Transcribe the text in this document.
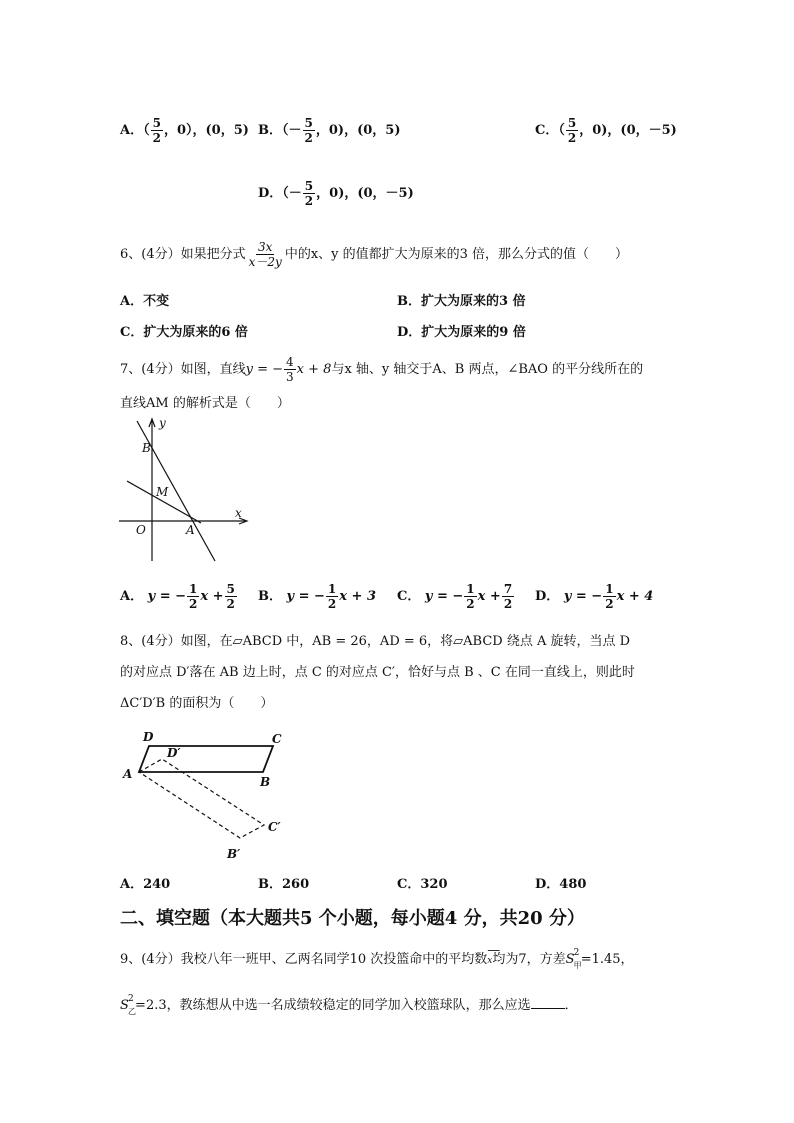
A．（ $\frac{5}{2}$ ，0），(0，5) B．（－ $\frac{5}{2}$ ，0)，(0，5)	C．（ $\frac{5}{2}$ ，0)，(0，－5)
D．（－ $\frac{5}{2}$ ，0)，(0，－5)
6、(4分）如果把分式 $\frac{3x}{x-2y}$ 中的x、y 的值都扩大为原来的3 倍，那么分式的值（　　）
A．不变	B．扩大为原来的3 倍
C．扩大为原来的6 倍	D．扩大为原来的9 倍
7、(4分）如图，直线y = − $\frac{4}{3}$ x + 8与x 轴、y 轴交于A、B 两点，∠BAO 的平分线所在的
直线AM 的解析式是（　　）
y
B
M
x
O	A
A． y = − $\frac{1}{2}$ $x + \frac{5}{2}$ B． y = − $\frac{1}{2}$ x + 3 C． y = − $\frac{1}{2}$ $x + \frac{7}{2}$ D． y = − $\frac{1}{2}$ x + 4
8、(4分）如图，在▱ABCD 中，AB = 26，AD = 6，将▱ABCD 绕点 A 旋转，当点 D
的对应点 D′落在 AB 边上时，点 C 的对应点 C′，恰好与点 B 、C 在同一直线上，则此时
ΔC′D′B 的面积为（　　）
D
D′
C
A
B
C′
B′
A．240	B．260	C．320	D．480
二、填空题（本大题共5 个小题，每小题4 分，共20 分）
9、(4分）我校八年一班甲、乙两名同学10 次投篮命中的平均数
—
x均为7，方差S 2
甲 =1.45，
S 2
乙 =2.3，教练想从中选一名成绩较稳定的同学加入校篮球队，那么应选	．
